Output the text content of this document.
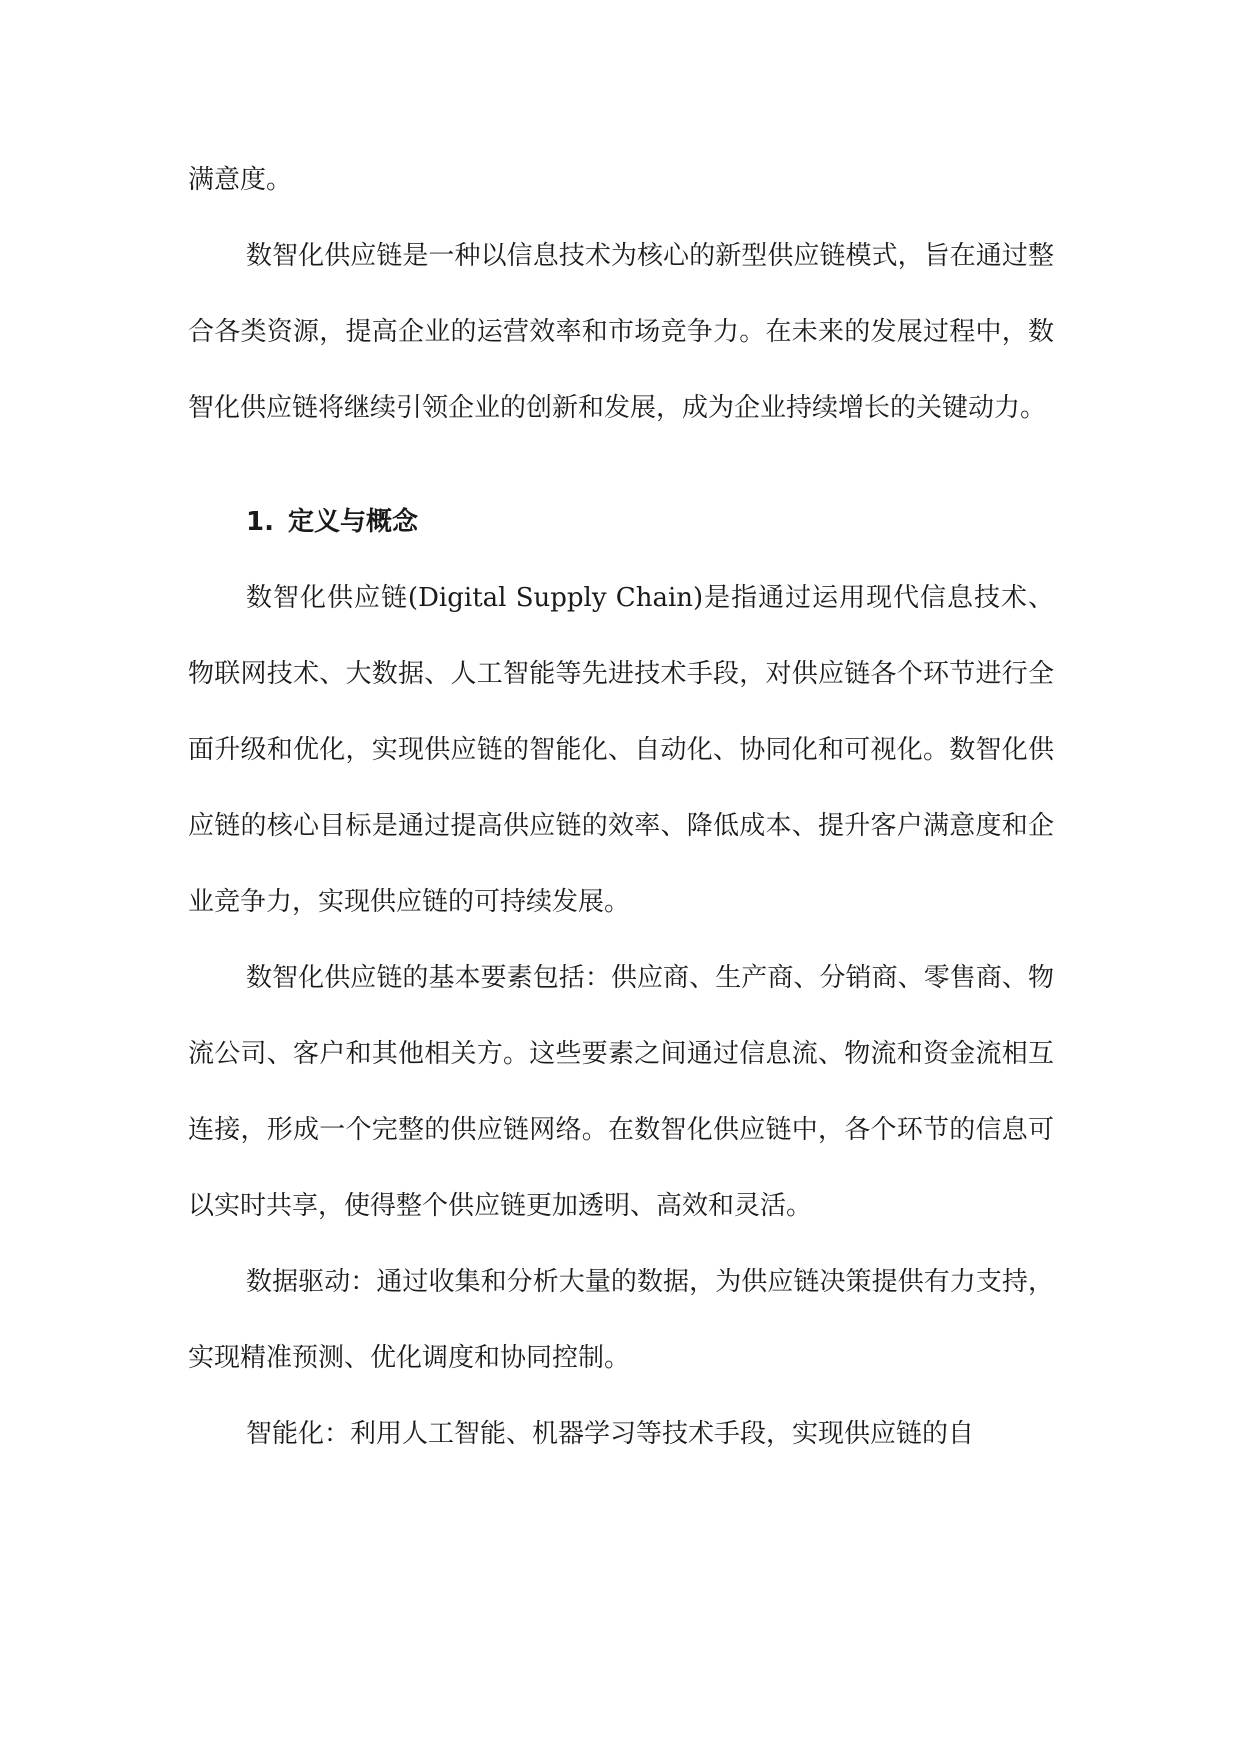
满意度。

数智化供应链是一种以信息技术为核心的新型供应链模式，旨在通过整合各类资源，提高企业的运营效率和市场竞争力。在未来的发展过程中，数智化供应链将继续引领企业的创新和发展，成为企业持续增长的关键动力。

1. 定义与概念

数智化供应链(Digital Supply Chain)是指通过运用现代信息技术、物联网技术、大数据、人工智能等先进技术手段，对供应链各个环节进行全面升级和优化，实现供应链的智能化、自动化、协同化和可视化。数智化供应链的核心目标是通过提高供应链的效率、降低成本、提升客户满意度和企业竞争力，实现供应链的可持续发展。

数智化供应链的基本要素包括：供应商、生产商、分销商、零售商、物流公司、客户和其他相关方。这些要素之间通过信息流、物流和资金流相互连接，形成一个完整的供应链网络。在数智化供应链中，各个环节的信息可以实时共享，使得整个供应链更加透明、高效和灵活。

数据驱动：通过收集和分析大量的数据，为供应链决策提供有力支持，实现精准预测、优化调度和协同控制。

智能化：利用人工智能、机器学习等技术手段，实现供应链的自
